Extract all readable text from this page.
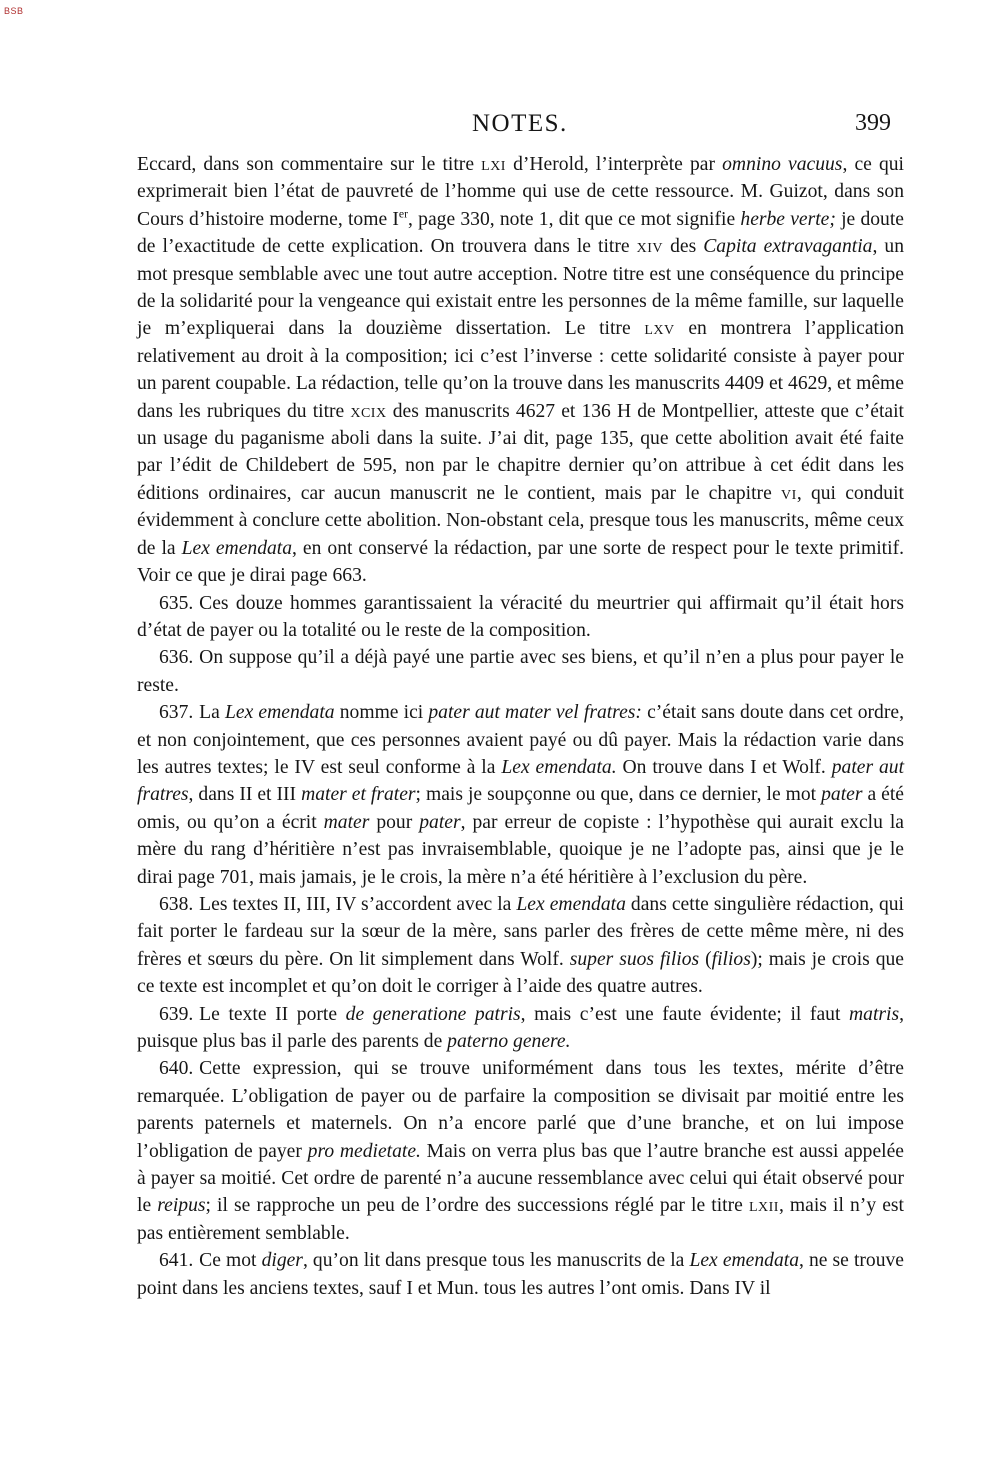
BSB
NOTES.	399

Eccard, dans son commentaire sur le titre lxi d’Herold, l’interprète par omnino vacuus, ce qui exprimerait bien l’état de pauvreté de l’homme qui use de cette ressource. M. Guizot, dans son Cours d’histoire moderne, tome Ier, page 330, note 1, dit que ce mot signifie herbe verte; je doute de l’exactitude de cette explication. On trouvera dans le titre xiv des Capita extravagantia, un mot presque semblable avec une tout autre acception. Notre titre est une conséquence du principe de la solidarité pour la vengeance qui existait entre les personnes de la même famille, sur laquelle je m’expliquerai dans la douzième dissertation. Le titre lxv en montrera l’application relativement au droit à la composition; ici c’est l’inverse : cette solidarité consiste à payer pour un parent coupable. La rédaction, telle qu’on la trouve dans les manuscrits 4409 et 4629, et même dans les rubriques du titre xcix des manuscrits 4627 et 136 H de Montpellier, atteste que c’était un usage du paganisme aboli dans la suite. J’ai dit, page 135, que cette abolition avait été faite par l’édit de Childebert de 595, non par le chapitre dernier qu’on attribue à cet édit dans les éditions ordinaires, car aucun manuscrit ne le contient, mais par le chapitre vi, qui conduit évidemment à conclure cette abolition. Non-obstant cela, presque tous les manuscrits, même ceux de la Lex emendata, en ont conservé la rédaction, par une sorte de respect pour le texte primitif. Voir ce que je dirai page 663.

635. Ces douze hommes garantissaient la véracité du meurtrier qui affirmait qu’il était hors d’état de payer ou la totalité ou le reste de la composition.

636. On suppose qu’il a déjà payé une partie avec ses biens, et qu’il n’en a plus pour payer le reste.

637. La Lex emendata nomme ici pater aut mater vel fratres: c’était sans doute dans cet ordre, et non conjointement, que ces personnes avaient payé ou dû payer. Mais la rédaction varie dans les autres textes; le IV est seul conforme à la Lex emendata. On trouve dans I et Wolf. pater aut fratres, dans II et III mater et frater; mais je soupçonne ou que, dans ce dernier, le mot pater a été omis, ou qu’on a écrit mater pour pater, par erreur de copiste : l’hypothèse qui aurait exclu la mère du rang d’héritière n’est pas invraisemblable, quoique je ne l’adopte pas, ainsi que je le dirai page 701, mais jamais, je le crois, la mère n’a été héritière à l’exclusion du père.

638. Les textes II, III, IV s’accordent avec la Lex emendata dans cette singulière rédaction, qui fait porter le fardeau sur la sœur de la mère, sans parler des frères de cette même mère, ni des frères et sœurs du père. On lit simplement dans Wolf. super suos filios (filios); mais je crois que ce texte est incomplet et qu’on doit le corriger à l’aide des quatre autres.

639. Le texte II porte de generatione patris, mais c’est une faute évidente; il faut matris, puisque plus bas il parle des parents de paterno genere.

640. Cette expression, qui se trouve uniformément dans tous les textes, mérite d’être remarquée. L’obligation de payer ou de parfaire la composition se divisait par moitié entre les parents paternels et maternels. On n’a encore parlé que d’une branche, et on lui impose l’obligation de payer pro medietate. Mais on verra plus bas que l’autre branche est aussi appelée à payer sa moitié. Cet ordre de parenté n’a aucune ressemblance avec celui qui était observé pour le reipus; il se rapproche un peu de l’ordre des successions réglé par le titre lxii, mais il n’y est pas entièrement semblable.

641. Ce mot diger, qu’on lit dans presque tous les manuscrits de la Lex emendata, ne se trouve point dans les anciens textes, sauf I et Mun. tous les autres l’ont omis. Dans IV il
